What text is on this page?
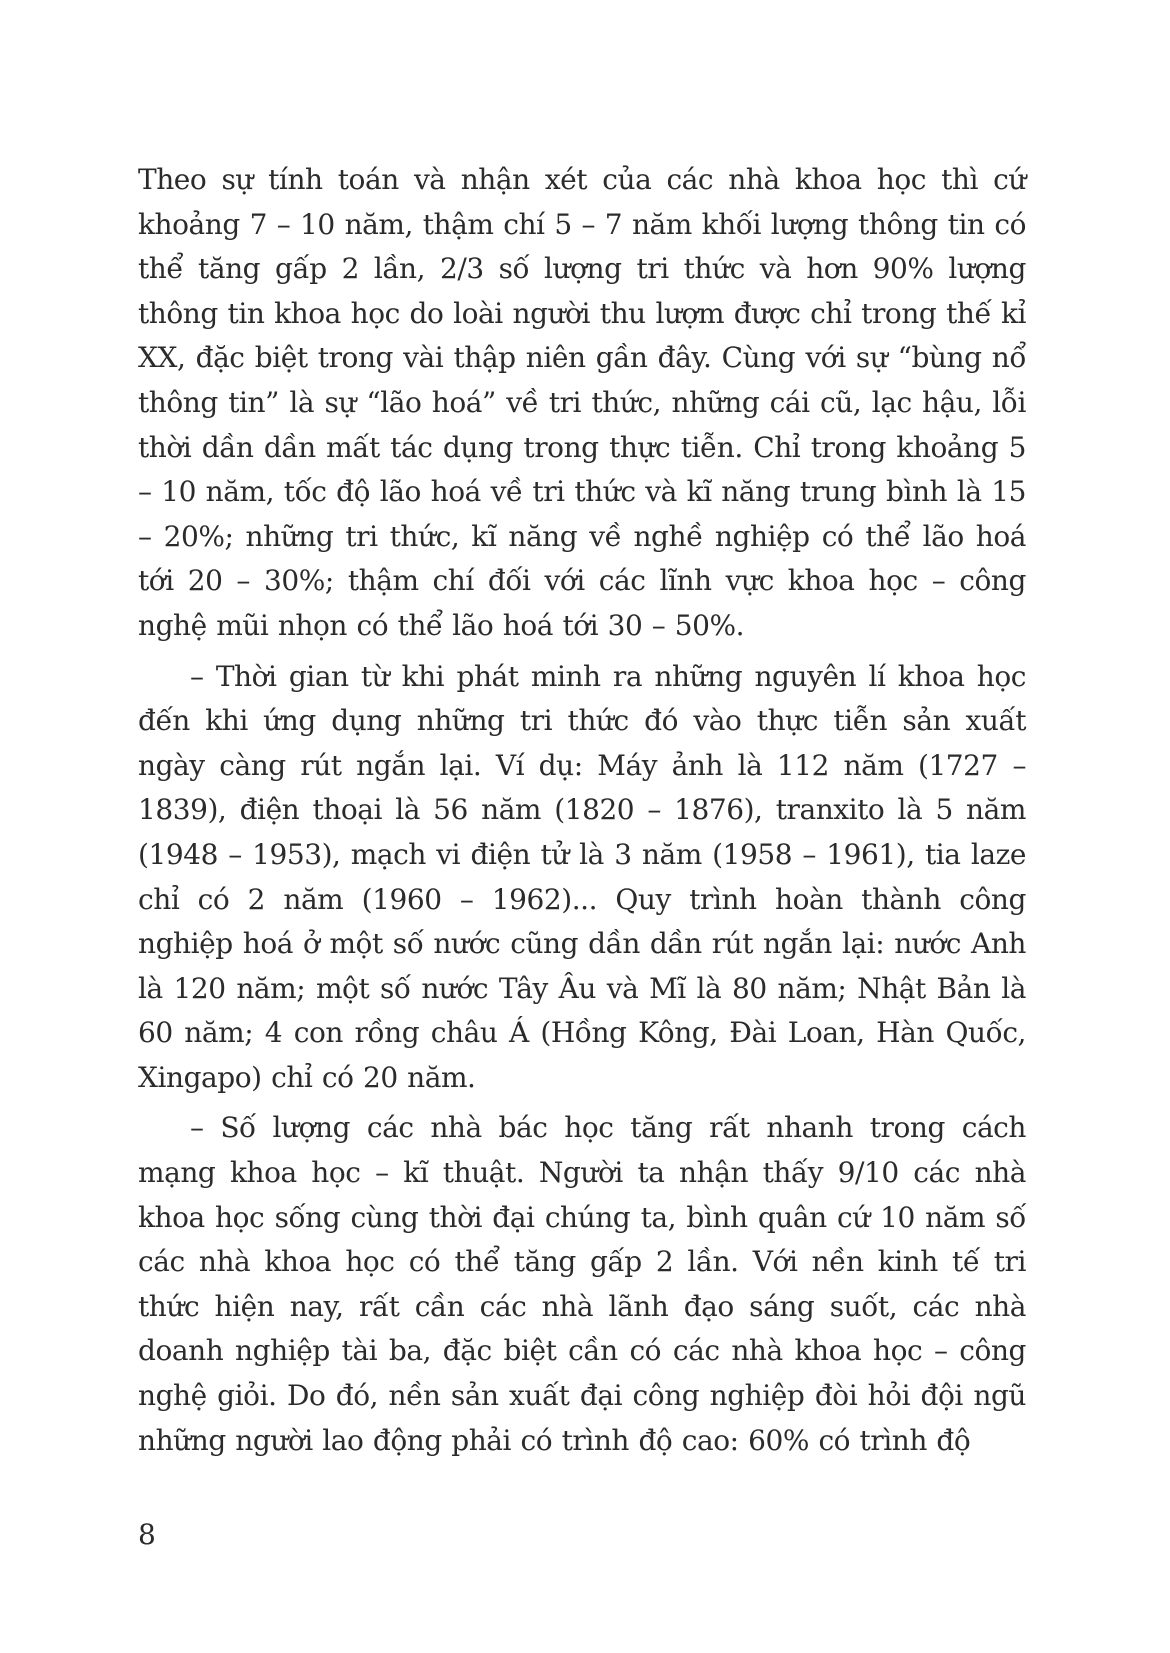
Theo sự tính toán và nhận xét của các nhà khoa học thì cứ khoảng 7 – 10 năm, thậm chí 5 – 7 năm khối lượng thông tin có thể tăng gấp 2 lần, 2/3 số lượng tri thức và hơn 90% lượng thông tin khoa học do loài người thu lượm được chỉ trong thế kỉ XX, đặc biệt trong vài thập niên gần đây. Cùng với sự “bùng nổ thông tin” là sự “lão hoá” về tri thức, những cái cũ, lạc hậu, lỗi thời dần dần mất tác dụng trong thực tiễn. Chỉ trong khoảng 5 – 10 năm, tốc độ lão hoá về tri thức và kĩ năng trung bình là 15 – 20%; những tri thức, kĩ năng về nghề nghiệp có thể lão hoá tới 20 – 30%; thậm chí đối với các lĩnh vực khoa học – công nghệ mũi nhọn có thể lão hoá tới 30 – 50%.

– Thời gian từ khi phát minh ra những nguyên lí khoa học đến khi ứng dụng những tri thức đó vào thực tiễn sản xuất ngày càng rút ngắn lại. Ví dụ: Máy ảnh là 112 năm (1727 – 1839), điện thoại là 56 năm (1820 – 1876), tranxito là 5 năm (1948 – 1953), mạch vi điện tử là 3 năm (1958 – 1961), tia laze chỉ có 2 năm (1960 – 1962)... Quy trình hoàn thành công nghiệp hoá ở một số nước cũng dần dần rút ngắn lại: nước Anh là 120 năm; một số nước Tây Âu và Mĩ là 80 năm; Nhật Bản là 60 năm; 4 con rồng châu Á (Hồng Kông, Đài Loan, Hàn Quốc, Xingapo) chỉ có 20 năm.

– Số lượng các nhà bác học tăng rất nhanh trong cách mạng khoa học – kĩ thuật. Người ta nhận thấy 9/10 các nhà khoa học sống cùng thời đại chúng ta, bình quân cứ 10 năm số các nhà khoa học có thể tăng gấp 2 lần. Với nền kinh tế tri thức hiện nay, rất cần các nhà lãnh đạo sáng suốt, các nhà doanh nghiệp tài ba, đặc biệt cần có các nhà khoa học – công nghệ giỏi. Do đó, nền sản xuất đại công nghiệp đòi hỏi đội ngũ những người lao động phải có trình độ cao: 60% có trình độ

8
